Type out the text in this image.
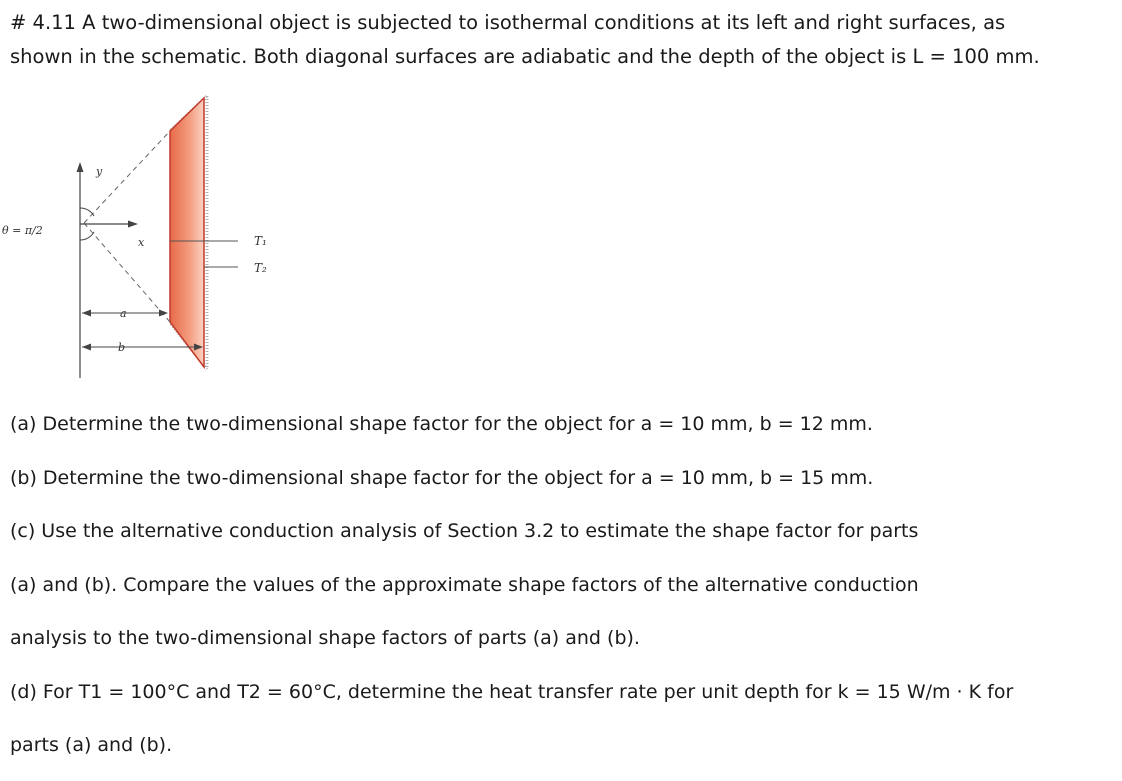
# 4.11 A two-dimensional object is subjected to isothermal conditions at its left and right surfaces, as
shown in the schematic. Both diagonal surfaces are adiabatic and the depth of the object is L = 100 mm.
θ = π/2
y
x	T₁
T₂
a
b
(a) Determine the two-dimensional shape factor for the object for a = 10 mm, b = 12 mm.
(b) Determine the two-dimensional shape factor for the object for a = 10 mm, b = 15 mm.
(c) Use the alternative conduction analysis of Section 3.2 to estimate the shape factor for parts
(a) and (b). Compare the values of the approximate shape factors of the alternative conduction
analysis to the two-dimensional shape factors of parts (a) and (b).
(d) For T1 = 100°C and T2 = 60°C, determine the heat transfer rate per unit depth for k = 15 W/m · K for
parts (a) and (b).
